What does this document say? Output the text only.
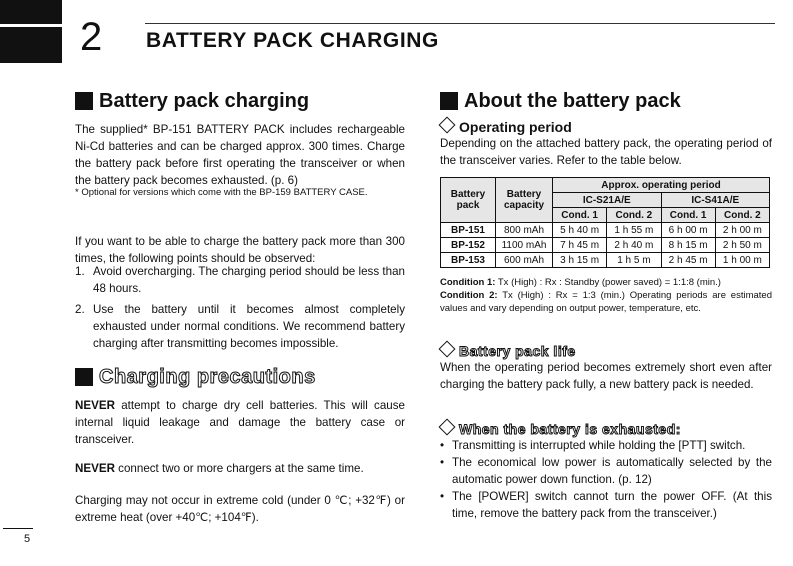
2 BATTERY PACK CHARGING
Battery pack charging
The supplied* BP-151 BATTERY PACK includes rechargeable Ni-Cd batteries and can be charged approx. 300 times. Charge the battery pack before first operating the transceiver or when the battery pack becomes exhausted. (p. 6)
* Optional for versions which come with the BP-159 BATTERY CASE.
If you want to be able to charge the battery pack more than 300 times, the following points should be observed:
1. Avoid overcharging. The charging period should be less than 48 hours.
2. Use the battery until it becomes almost completely exhausted under normal conditions. We recommend battery charging after transmitting becomes impossible.
Charging precautions
NEVER attempt to charge dry cell batteries. This will cause internal liquid leakage and damage the battery case or transceiver.
NEVER connect two or more chargers at the same time.
Charging may not occur in extreme cold (under 0 ℃; +32℉) or extreme heat (over +40℃; +104℉).
About the battery pack
Operating period
Depending on the attached battery pack, the operating period of the transceiver varies. Refer to the table below.
Battery pack	Battery capacity	Approx. operating period			
		IC-S21A/E		IC-S41A/E	
		Cond. 1	Cond. 2	Cond. 1	Cond. 2
BP-151	800 mAh	5 h 40 m	1 h 55 m	6 h 00 m	2 h 00 m
BP-152	1100 mAh	7 h 45 m	2 h 40 m	8 h 15 m	2 h 50 m
BP-153	600 mAh	3 h 15 m	1 h 5 m	2 h 45 m	1 h 00 m
Condition 1: Tx (High) : Rx : Standby (power saved) = 1:1:8 (min.)
Condition 2: Tx (High) : Rx = 1:3 (min.) Operating periods are estimated values and vary depending on output power, temperature, etc.
Battery pack life
When the operating period becomes extremely short even after charging the battery pack fully, a new battery pack is needed.
When the battery is exhausted:
• Transmitting is interrupted while holding the [PTT] switch.
• The economical low power is automatically selected by the automatic power down function. (p. 12)
• The [POWER] switch cannot turn the power OFF. (At this time, remove the battery pack from the transceiver.)
5
